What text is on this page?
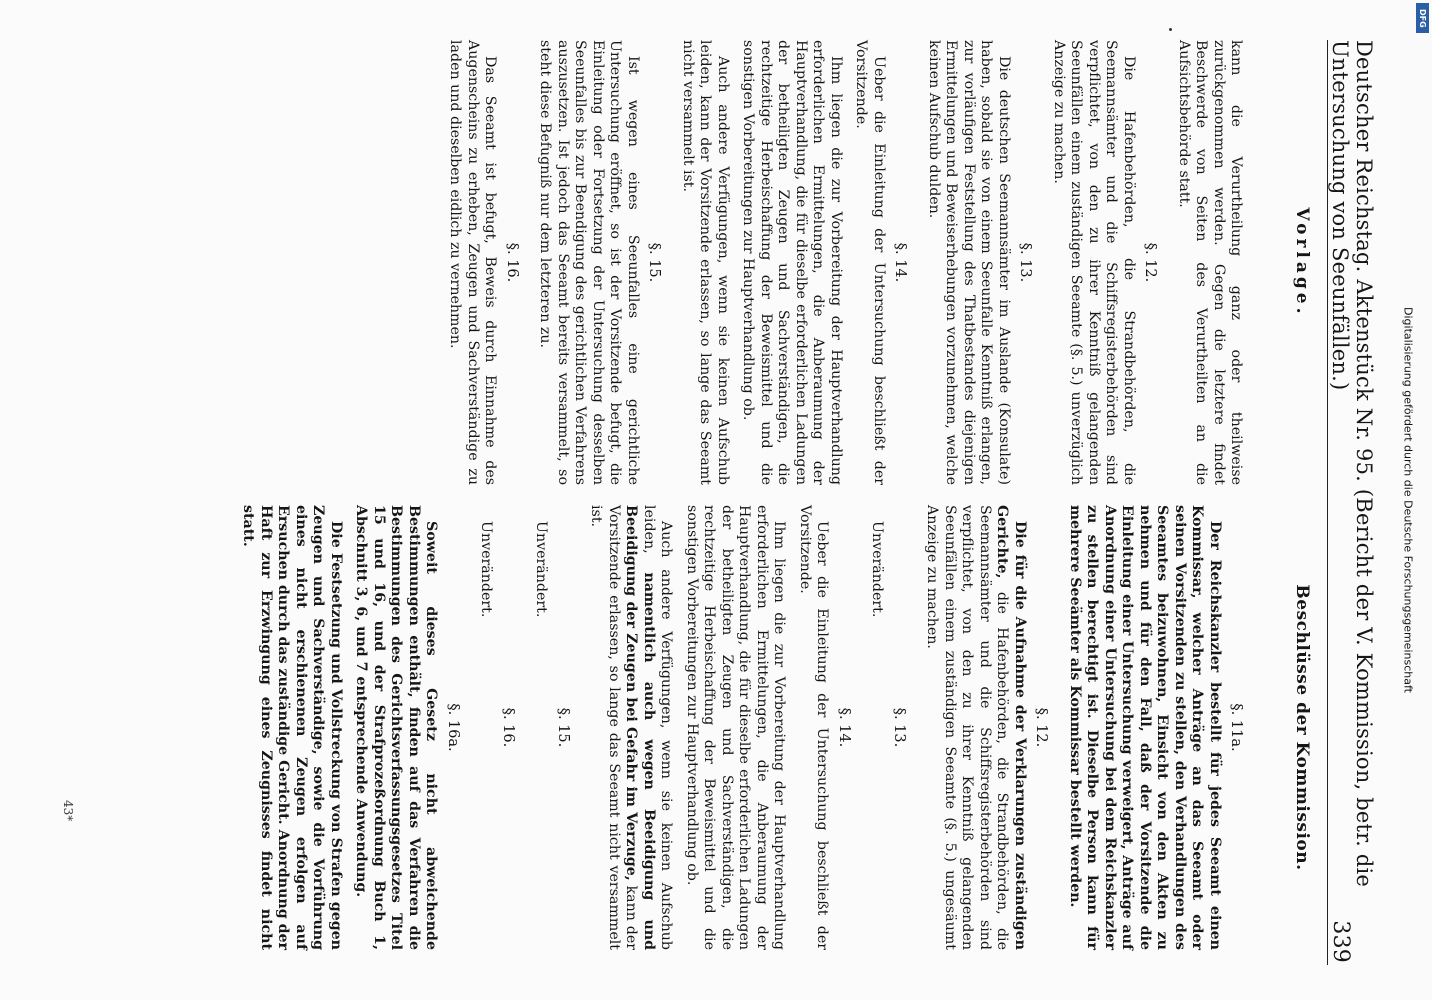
Deutscher Reichstag. Aktenstück Nr. 95. (Bericht der V. Kommission, betr. die Untersuchung von Seeunfällen.)
339
Vorlage.

kann die Verurtheilung ganz oder theilweise zurückgenommen werden. Gegen die letztere findet Beschwerde von Seiten des Verurtheilten an die Aufsichtsbehörde statt.

§. 12.

Die Hafenbehörden, die Strandbehörden, die Seemannsämter und die Schiffsregisterbehörden sind verpflichtet, von den zu ihrer Kenntniß gelangenden Seeunfällen einem zuständigen Seeamte (§. 5.) unverzüglich Anzeige zu machen.

§. 13.

Die deutschen Seemannsämter im Auslande (Konsulate) haben, sobald sie von einem Seeunfalle Kenntniß erlangen, zur vorläufigen Feststellung des Thatbestandes diejenigen Ermittelungen und Beweiserhebungen vorzunehmen, welche keinen Aufschub dulden.

§. 14.

Ueber die Einleitung der Untersuchung beschließt der Vorsitzende.

Ihm liegen die zur Vorbereitung der Hauptverhandlung erforderlichen Ermittelungen, die Anberaumung der Hauptverhandlung, die für dieselbe erforderlichen Ladungen der betheiligten Zeugen und Sachverständigen, die rechtzeitige Herbeischaffung der Beweismittel und die sonstigen Vorbereitungen zur Hauptverhandlung ob.

Auch andere Verfügungen, wenn sie keinen Aufschub leiden, kann der Vorsitzende erlassen, so lange das Seeamt nicht versammelt ist.

§. 15.

Ist wegen eines Seeunfalles eine gerichtliche Untersuchung eröffnet, so ist der Vorsitzende befugt, die Einleitung oder Fortsetzung der Untersuchung desselben Seeunfalles bis zur Beendigung des gerichtlichen Verfahrens auszusetzen. Ist jedoch das Seeamt bereits versammelt, so steht diese Befugniß nur dem letzteren zu.

§. 16.

Das Seeamt ist befugt, Beweis durch Einnahme des Augenscheins zu erheben, Zeugen und Sachverständige zu laden und dieselben eidlich zu vernehmen.

Beschlüsse der Kommission.
§. 11a.

Der Reichskanzler bestellt für jedes Seeamt einen Kommissar, welcher Anträge an das Seeamt oder seinen Vorsitzenden zu stellen, den Verhandlungen des Seeamtes beizuwohnen, Einsicht von den Akten zu nehmen und für den Fall, daß der Vorsitzende die Einleitung einer Untersuchung verweigert, Anträge auf Anordnung einer Untersuchung bei dem Reichskanzler zu stellen berechtigt ist. Dieselbe Person kann für mehrere Seeämter als Kommissar bestellt werden.

§. 12.

Die für die Aufnahme der Verklarungen zuständigen Gerichte, die Hafenbehörden, die Strandbehörden, die Seemannsämter und die Schiffsregisterbehörden sind verpflichtet, von den zu ihrer Kenntniß gelangenden Seeunfällen einem zuständigen Seeamte (§. 5.) ungesäumt Anzeige zu machen.

§. 13.

Unverändert.

§. 14.

Ueber die Einleitung der Untersuchung beschließt der Vorsitzende.

Ihm liegen die zur Vorbereitung der Hauptverhandlung erforderlichen Ermittelungen, die Anberaumung der Hauptverhandlung, die für dieselbe erforderlichen Ladungen der betheiligten Zeugen und Sachverständigen, die rechtzeitige Herbeischaffung der Beweismittel und die sonstigen Vorbereitungen zur Hauptverhandlung ob.

Auch andere Verfügungen, wenn sie keinen Aufschub leiden, namentlich auch wegen Beeidigung und Beeidigung der Zeugen bei Gefahr im Verzuge, kann der Vorsitzende erlassen, so lange das Seeamt nicht versammelt ist.

§. 15.

Unverändert.

§. 16.

Unverändert.

§. 16a.

Soweit dieses Gesetz nicht abweichende Bestimmungen enthält, finden auf das Verfahren die Bestimmungen des Gerichtsverfassungsgesetzes Titel 15 und 16, und der Strafprozeßordnung Buch 1, Abschnitt 3, 6, und 7 entsprechende Anwendung.

Die Festsetzung und Vollstreckung von Strafen gegen Zeugen und Sachverständige, sowie die Vorführung eines nicht erschienenen Zeugen erfolgen auf Ersuchen durch das zuständige Gericht. Anordnung der Haft zur Erzwingung eines Zeugnisses findet nicht statt.

43*
DFG
Digitalisierung gefördert durch die Deutsche Forschungsgemeinschaft
